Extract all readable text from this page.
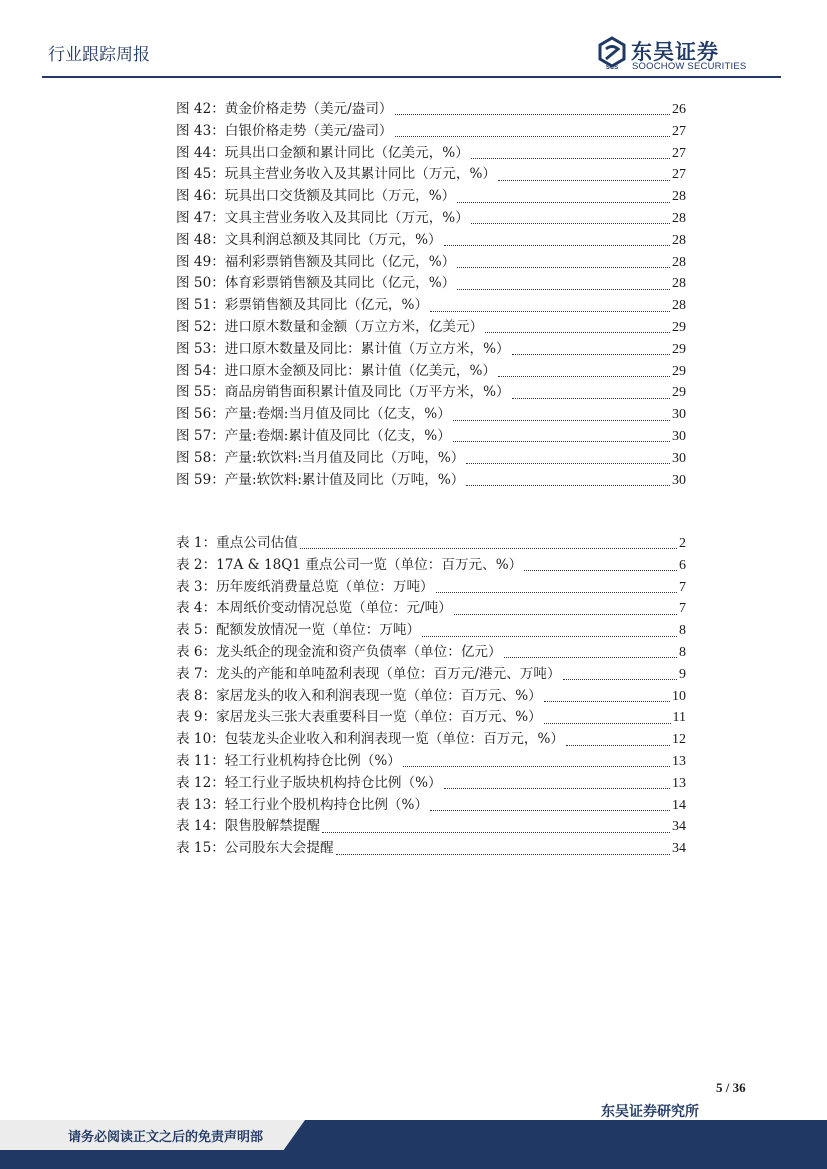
行业跟踪周报
SCS
东吴证券
SOOCHOW SECURITIES
图 42：黄金价格走势（美元/盎司）	26
图 43：白银价格走势（美元/盎司）	27
图 44：玩具出口金额和累计同比（亿美元，%）	27
图 45：玩具主营业务收入及其累计同比（万元，%）	27
图 46：玩具出口交货额及其同比（万元，%）	28
图 47：文具主营业务收入及其同比（万元，%）	28
图 48：文具利润总额及其同比（万元，%）	28
图 49：福利彩票销售额及其同比（亿元，%）	28
图 50：体育彩票销售额及其同比（亿元，%）	28
图 51：彩票销售额及其同比（亿元，%）	28
图 52：进口原木数量和金额（万立方米，亿美元）	29
图 53：进口原木数量及同比：累计值（万立方米，%）	29
图 54：进口原木金额及同比：累计值（亿美元，%）	29
图 55：商品房销售面积累计值及同比（万平方米，%）	29
图 56：产量:卷烟:当月值及同比（亿支，%）	30
图 57：产量:卷烟:累计值及同比（亿支，%）	30
图 58：产量:软饮料:当月值及同比（万吨，%）	30
图 59：产量:软饮料:累计值及同比（万吨，%）	30
表 1：重点公司估值	2
表 2：17A & 18Q1 重点公司一览（单位：百万元、%）	6
表 3：历年废纸消费量总览（单位：万吨）	7
表 4：本周纸价变动情况总览（单位：元/吨）	7
表 5：配额发放情况一览（单位：万吨）	8
表 6：龙头纸企的现金流和资产负债率（单位：亿元）	8
表 7：龙头的产能和单吨盈利表现（单位：百万元/港元、万吨）	9
表 8：家居龙头的收入和利润表现一览（单位：百万元、%）	10
表 9：家居龙头三张大表重要科目一览（单位：百万元、%）	11
表 10：包装龙头企业收入和利润表现一览（单位：百万元，%）	12
表 11：轻工行业机构持仓比例（%）	13
表 12：轻工行业子版块机构持仓比例（%）	13
表 13：轻工行业个股机构持仓比例（%）	14
表 14：限售股解禁提醒	34
表 15：公司股东大会提醒	34
5 / 36
东吴证券研究所
请务必阅读正文之后的免责声明部
